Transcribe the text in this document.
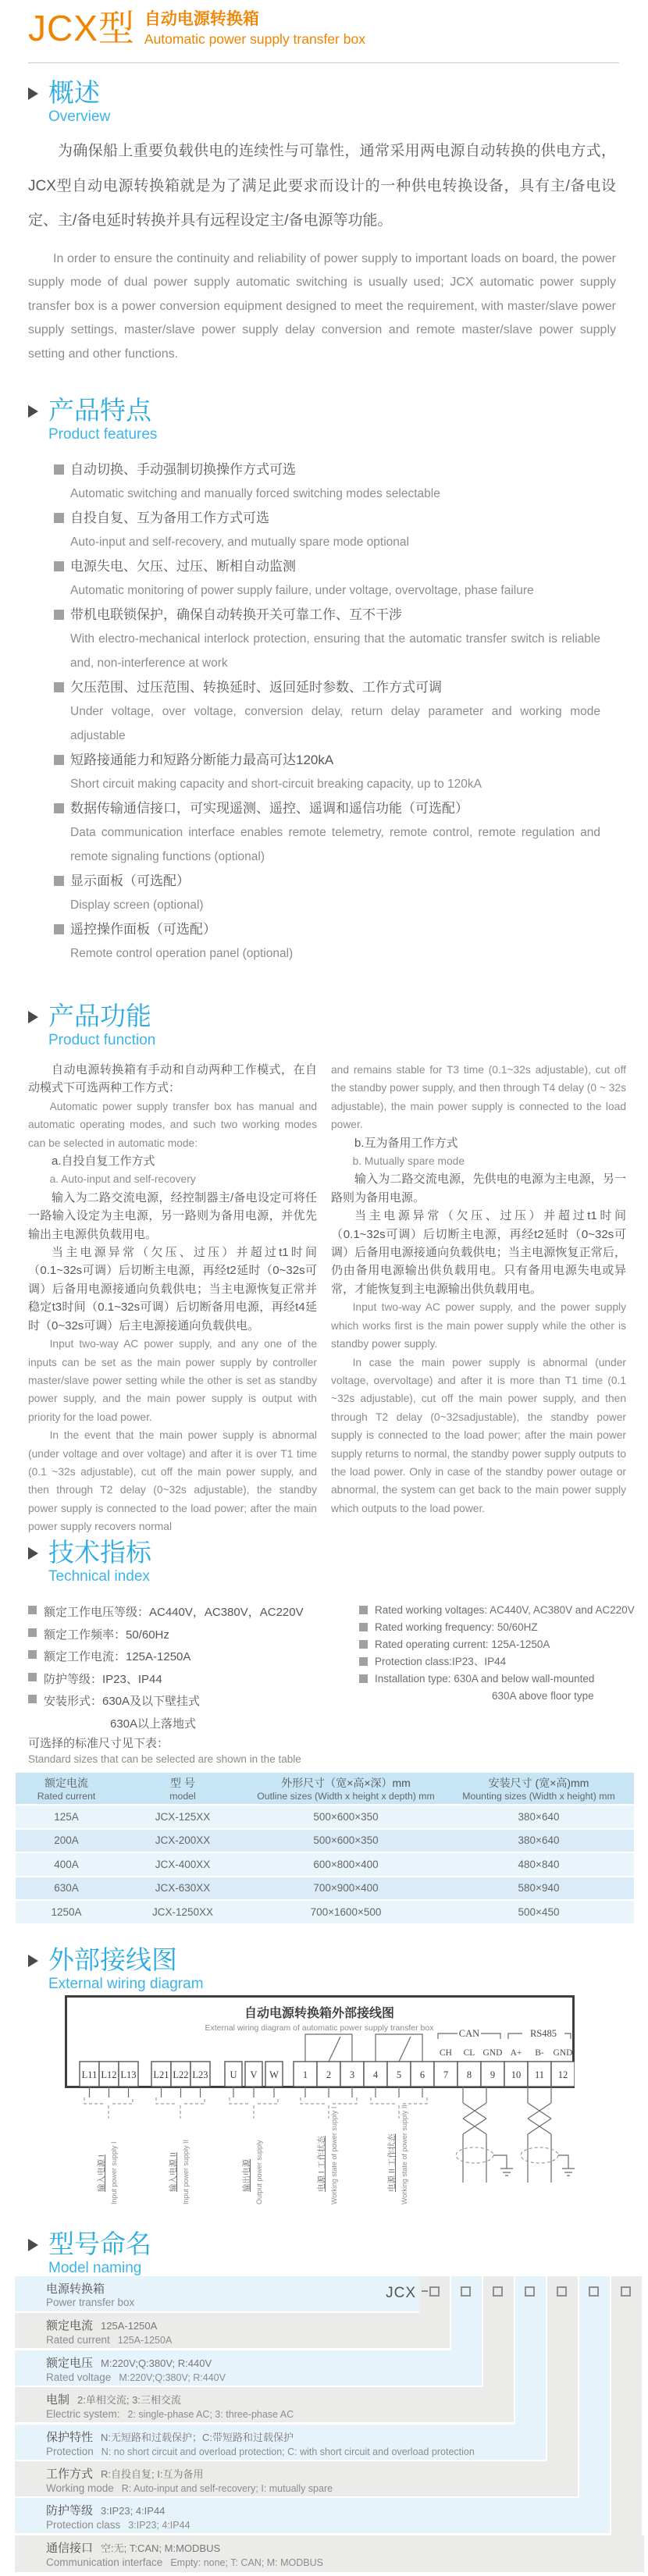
JCX型 自动电源转换箱
Automatic power supply transfer box
概述
Overview
为确保船上重要负载供电的连续性与可靠性，通常采用两电源自动转换的供电方式，JCX型自动电源转换箱就是为了满足此要求而设计的一种供电转换设备，具有主/备电设定、主/备电延时转换并具有远程设定主/备电源等功能。
In order to ensure the continuity and reliability of power supply to important loads on board, the power supply mode of dual power supply automatic switching is usually used; JCX automatic power supply transfer box is a power conversion equipment designed to meet the requirement, with master/slave power supply settings, master/slave power supply delay conversion and remote master/slave power supply setting and other functions.
产品特点
Product features
自动切换、手动强制切换操作方式可选
Automatic switching and manually forced switching modes selectable
自投自复、互为备用工作方式可选
Auto-input and self-recovery, and mutually spare mode optional
电源失电、欠压、过压、断相自动监测
Automatic monitoring of power supply failure, under voltage, overvoltage, phase failure
带机电联锁保护，确保自动转换开关可靠工作、互不干涉
With electro-mechanical interlock protection, ensuring that the automatic transfer switch is reliable and, non-interference at work
欠压范围、过压范围、转换延时、返回延时参数、工作方式可调
Under voltage, over voltage, conversion delay, return delay parameter and working mode adjustable
短路接通能力和短路分断能力最高可达120kA
Short circuit making capacity and short-circuit breaking capacity, up to 120kA
数据传输通信接口，可实现遥测、遥控、遥调和遥信功能（可选配）
Data communication interface enables remote telemetry, remote control, remote regulation and remote signaling functions (optional)
显示面板（可选配）
Display screen (optional)
遥控操作面板（可选配）
Remote control operation panel (optional)
产品功能
Product function
自动电源转换箱有手动和自动两种工作模式，在自动模式下可选两种工作方式：
Automatic power supply transfer box has manual and automatic operating modes, and such two working modes can be selected in automatic mode:
a.自投自复工作方式
a. Auto-input and self-recovery
输入为二路交流电源，经控制器主/备电设定可将任一路输入设定为主电源，另一路则为备用电源，并优先输出主电源供负载用电。
当主电源异常（欠压、过压）并超过t1时间（0.1~32s可调）后切断主电源，再经t2延时（0~32s可调）后备用电源接通向负载供电；当主电源恢复正常并稳定t3时间（0.1~32s可调）后切断备用电源，再经t4延时（0~32s可调）后主电源接通向负载供电。
Input two-way AC power supply, and any one of the inputs can be set as the main power supply by controller master/slave power setting while the other is set as standby power supply, and the main power supply is output with priority for the load power.
In the event that the main power supply is abnormal (under voltage and over voltage) and after it is over T1 time (0.1 ~32s adjustable), cut off the main power supply, and then through T2 delay (0~32s adjustable), the standby power supply is connected to the load power; after the main power supply recovers normal
and remains stable for T3 time (0.1~32s adjustable), cut off the standby power supply, and then through T4 delay (0 ~ 32s adjustable), the main power supply is connected to the load power.
b.互为备用工作方式
b. Mutually spare mode
输入为二路交流电源，先供电的电源为主电源，另一路则为备用电源。
当主电源异常（欠压、过压）并超过t1时间（0.1~32s可调）后切断主电源，再经t2延时（0~32s可调）后备用电源接通向负载供电；当主电源恢复正常后，仍由备用电源输出供负载用电。只有备用电源失电或异常，才能恢复到主电源输出供负载用电。
Input two-way AC power supply, and the power supply which works first is the main power supply while the other is standby power supply.
In case the main power supply is abnormal (under voltage, overvoltage) and after it is more than T1 time (0.1 ~32s adjustable), cut off the main power supply, and then through T2 delay (0~32sadjustable), the standby power supply is connected to the load power; after the main power supply returns to normal, the standby power supply outputs to the load power. Only in case of the standby power outage or abnormal, the system can get back to the main power supply which outputs to the load power.
技术指标
Technical index
额定工作电压等级：AC440V，AC380V，AC220V
额定工作频率：50/60Hz
额定工作电流：125A-1250A
防护等级：IP23、IP44
安装形式：630A及以下壁挂式
630A以上落地式
Rated working voltages: AC440V, AC380V and AC220V
Rated working frequency: 50/60HZ
Rated operating current: 125A-1250A
Protection class:IP23、IP44
Installation type: 630A and below wall-mounted
630A above floor type
可选择的标准尺寸见下表：
Standard sizes that can be selected are shown in the table
额定电流
Rated current

型 号
model

外形尺寸（宽×高×深）mm
Outline sizes (Width x height x depth) mm

安装尺寸 (宽×高)mm
Mounting sizes (Width x height) mm

125A	JCX-125XX	500×600×350	380×640
200A	JCX-200XX	500×600×350	380×640
400A	JCX-400XX	600×800×400	480×840
630A	JCX-630XX	700×900×400	580×940
1250A	JCX-1250XX	700×1600×500	500×450
外部接线图
External wiring diagram
自动电源转换箱外部接线图
External wiring diagram of automatic power supply transfer box	CAN	RS485
CH CL GND A+ B- GND
L11 L12 L13 L21 L22 L23 U V W 1 2 3 4 5 6 7 8 9 10 11 12
输入电源 I Input power supply I	输入电源 II Input power supply II	输出电源 Output power supply	电源 I 工作状态 Working state of power supply I	电源 II 工作状态 Working state of power supply II
型号命名
Model naming
电源转换箱
Power transfer box
额定电流 125A-1250A
Rated current 125A-1250A
额定电压 M:220V;Q:380V; R:440V
Rated voltage M:220V;Q:380V; R:440V
电制 2:单相交流; 3:三相交流
Electric system: 2: single-phase AC; 3: three-phase AC
保护特性 N:无短路和过载保护；C:带短路和过载保护
Protection N: no short circuit and overload protection; C: with short circuit and overload protection
工作方式 R:自投自复; I:互为备用
Working mode R: Auto-input and self-recovery; I: mutually spare
防护等级 3:IP23; 4:IP44
Protection class 3:IP23; 4:IP44
通信接口 空:无; T:CAN; M:MODBUS
Communication interface Empty: none; T: CAN; M: MODBUS
JCX
